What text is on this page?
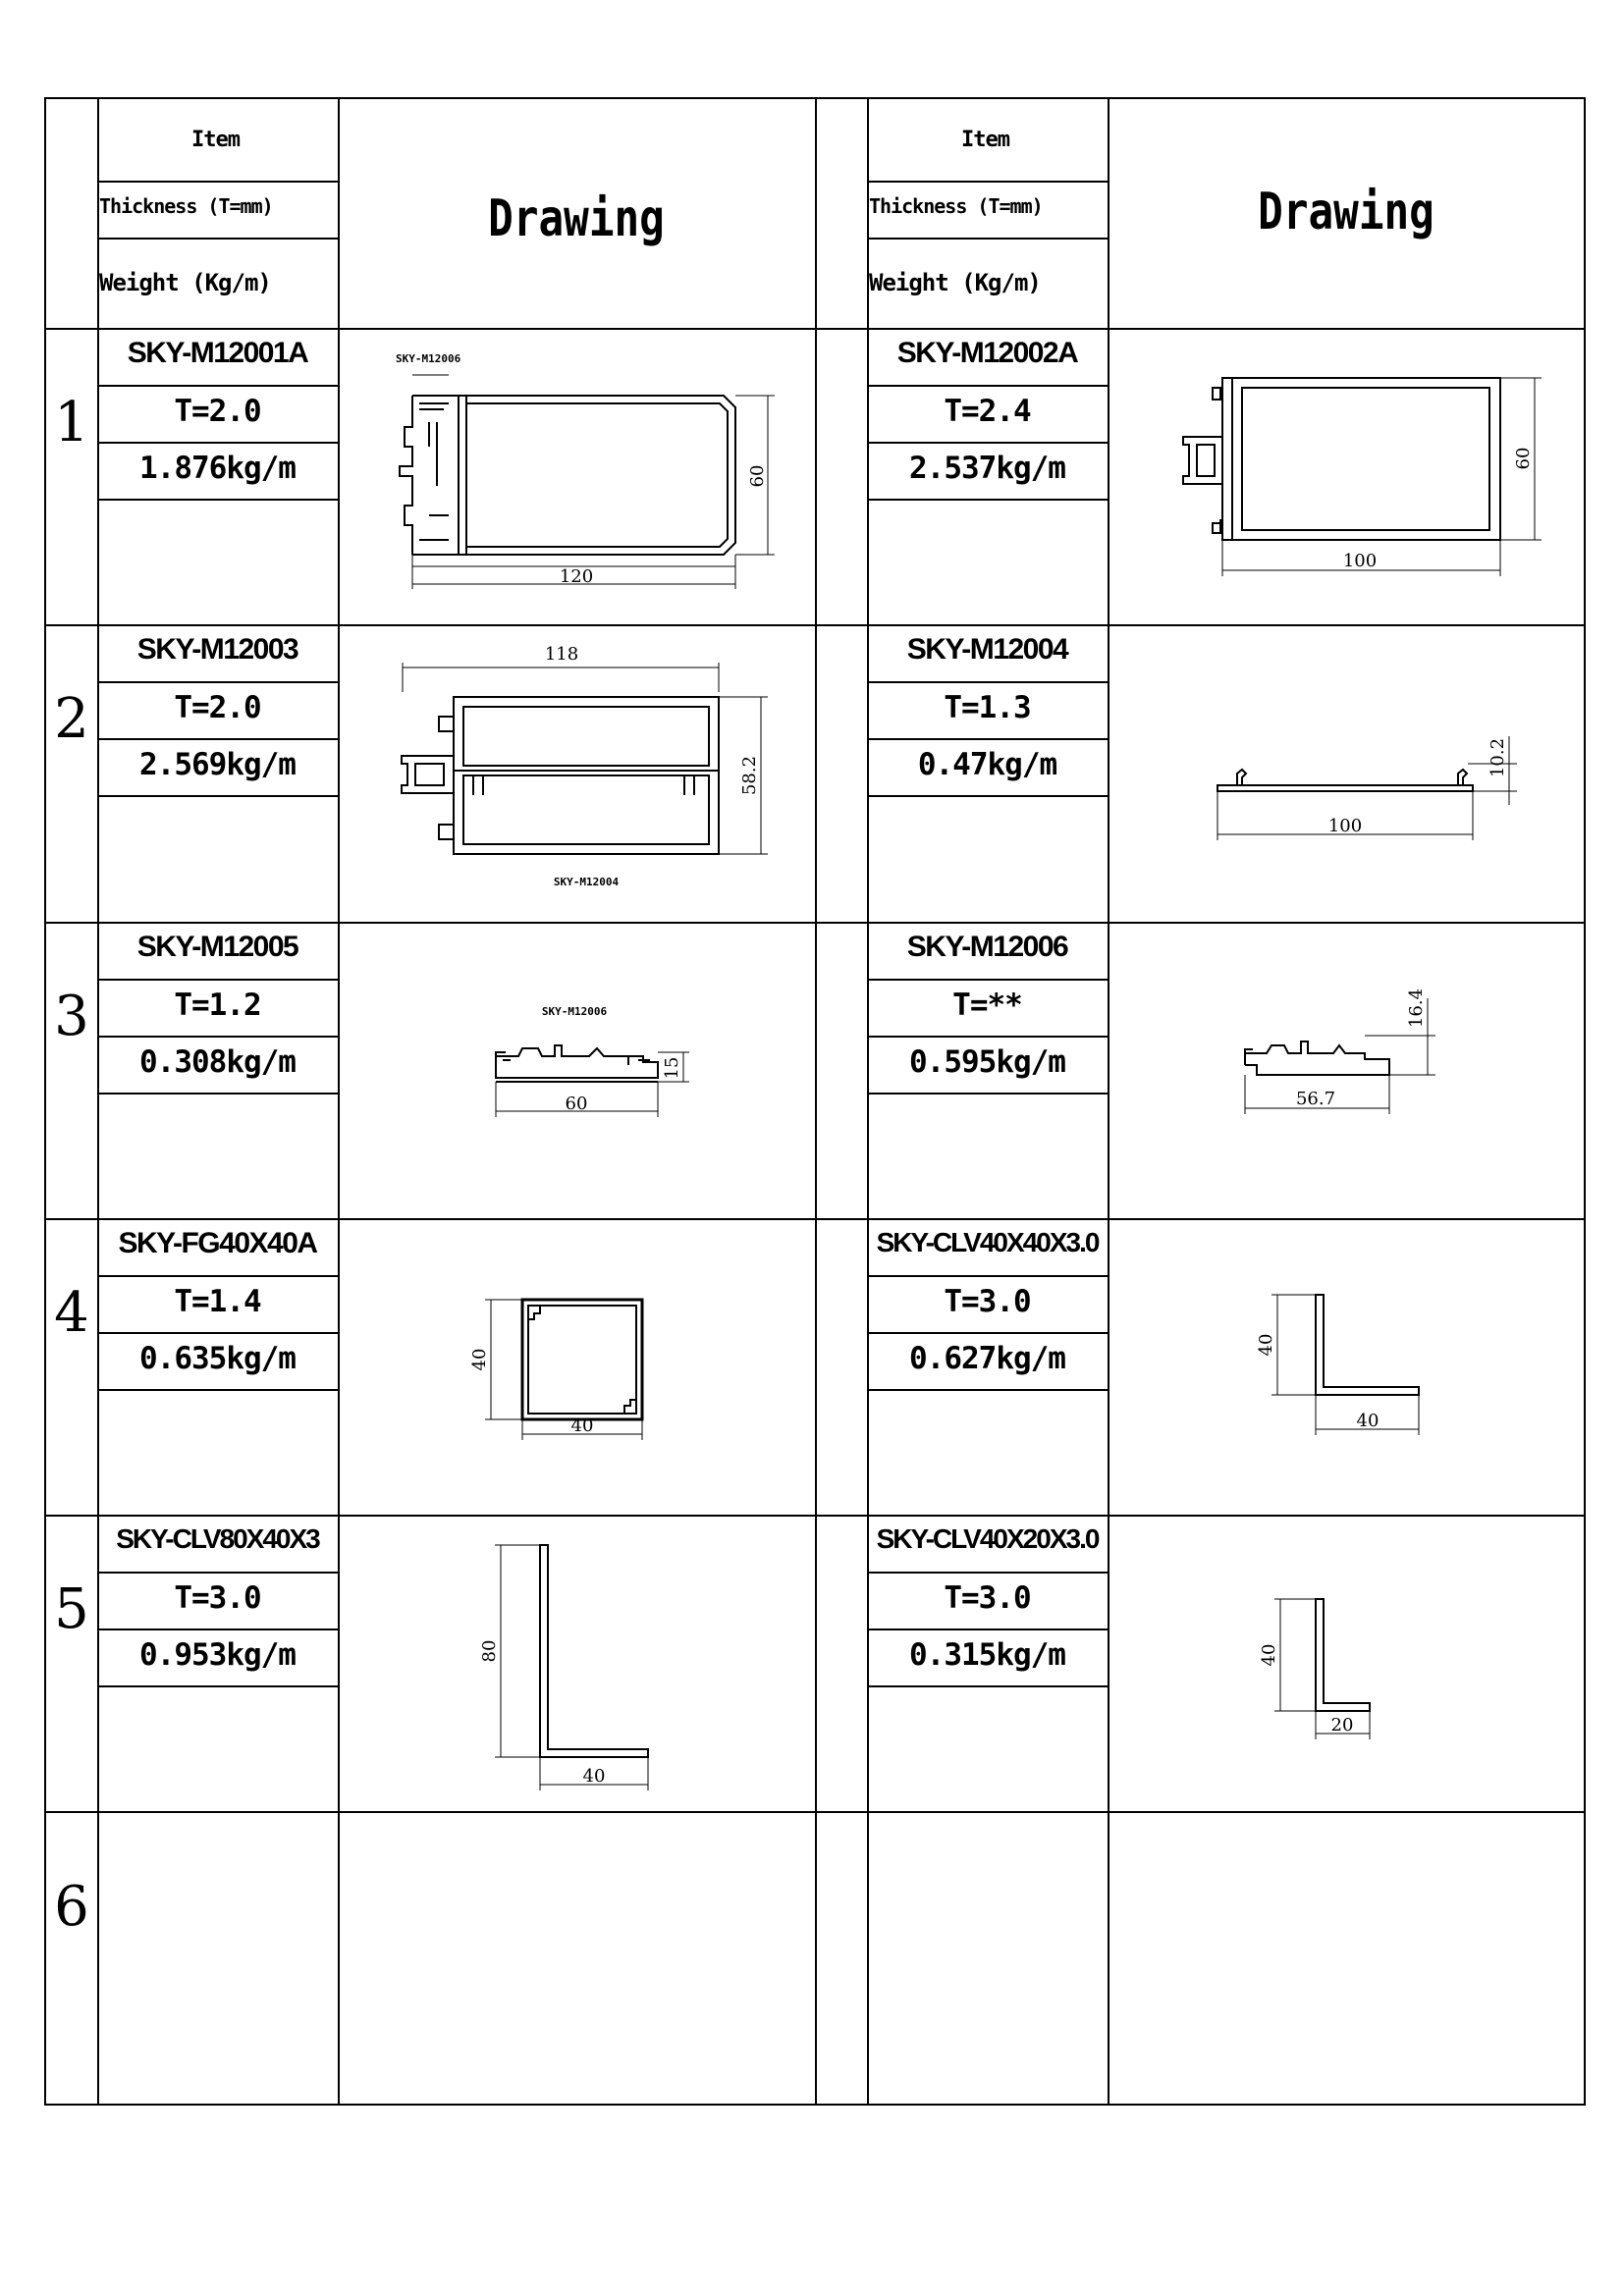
Item
Thickness (T=mm)
Weight (Kg/m)
Drawing
Item
Thickness (T=mm)
Weight (Kg/m)
Drawing
1
2
3
4
5
6
SKY-M12001A
T=2.0
1.876kg/m
SKY-M12002A
T=2.4
2.537kg/m
SKY-M12003
T=2.0
2.569kg/m
SKY-M12004
T=1.3
0.47kg/m
SKY-M12005
T=1.2
0.308kg/m
SKY-M12006
T=**
0.595kg/m
SKY-FG40X40A
T=1.4
0.635kg/m
SKY-CLV40X40X3.0
T=3.0
0.627kg/m
SKY-CLV80X40X3
T=3.0
0.953kg/m
SKY-CLV40X20X3.0
T=3.0
0.315kg/m
SKY-M12006
120
60
100
60
118
58.2
SKY-M12004
100
10.2
SKY-M12006
60
15
56.7
16.4
40
40
40
40
40
80
20
40
